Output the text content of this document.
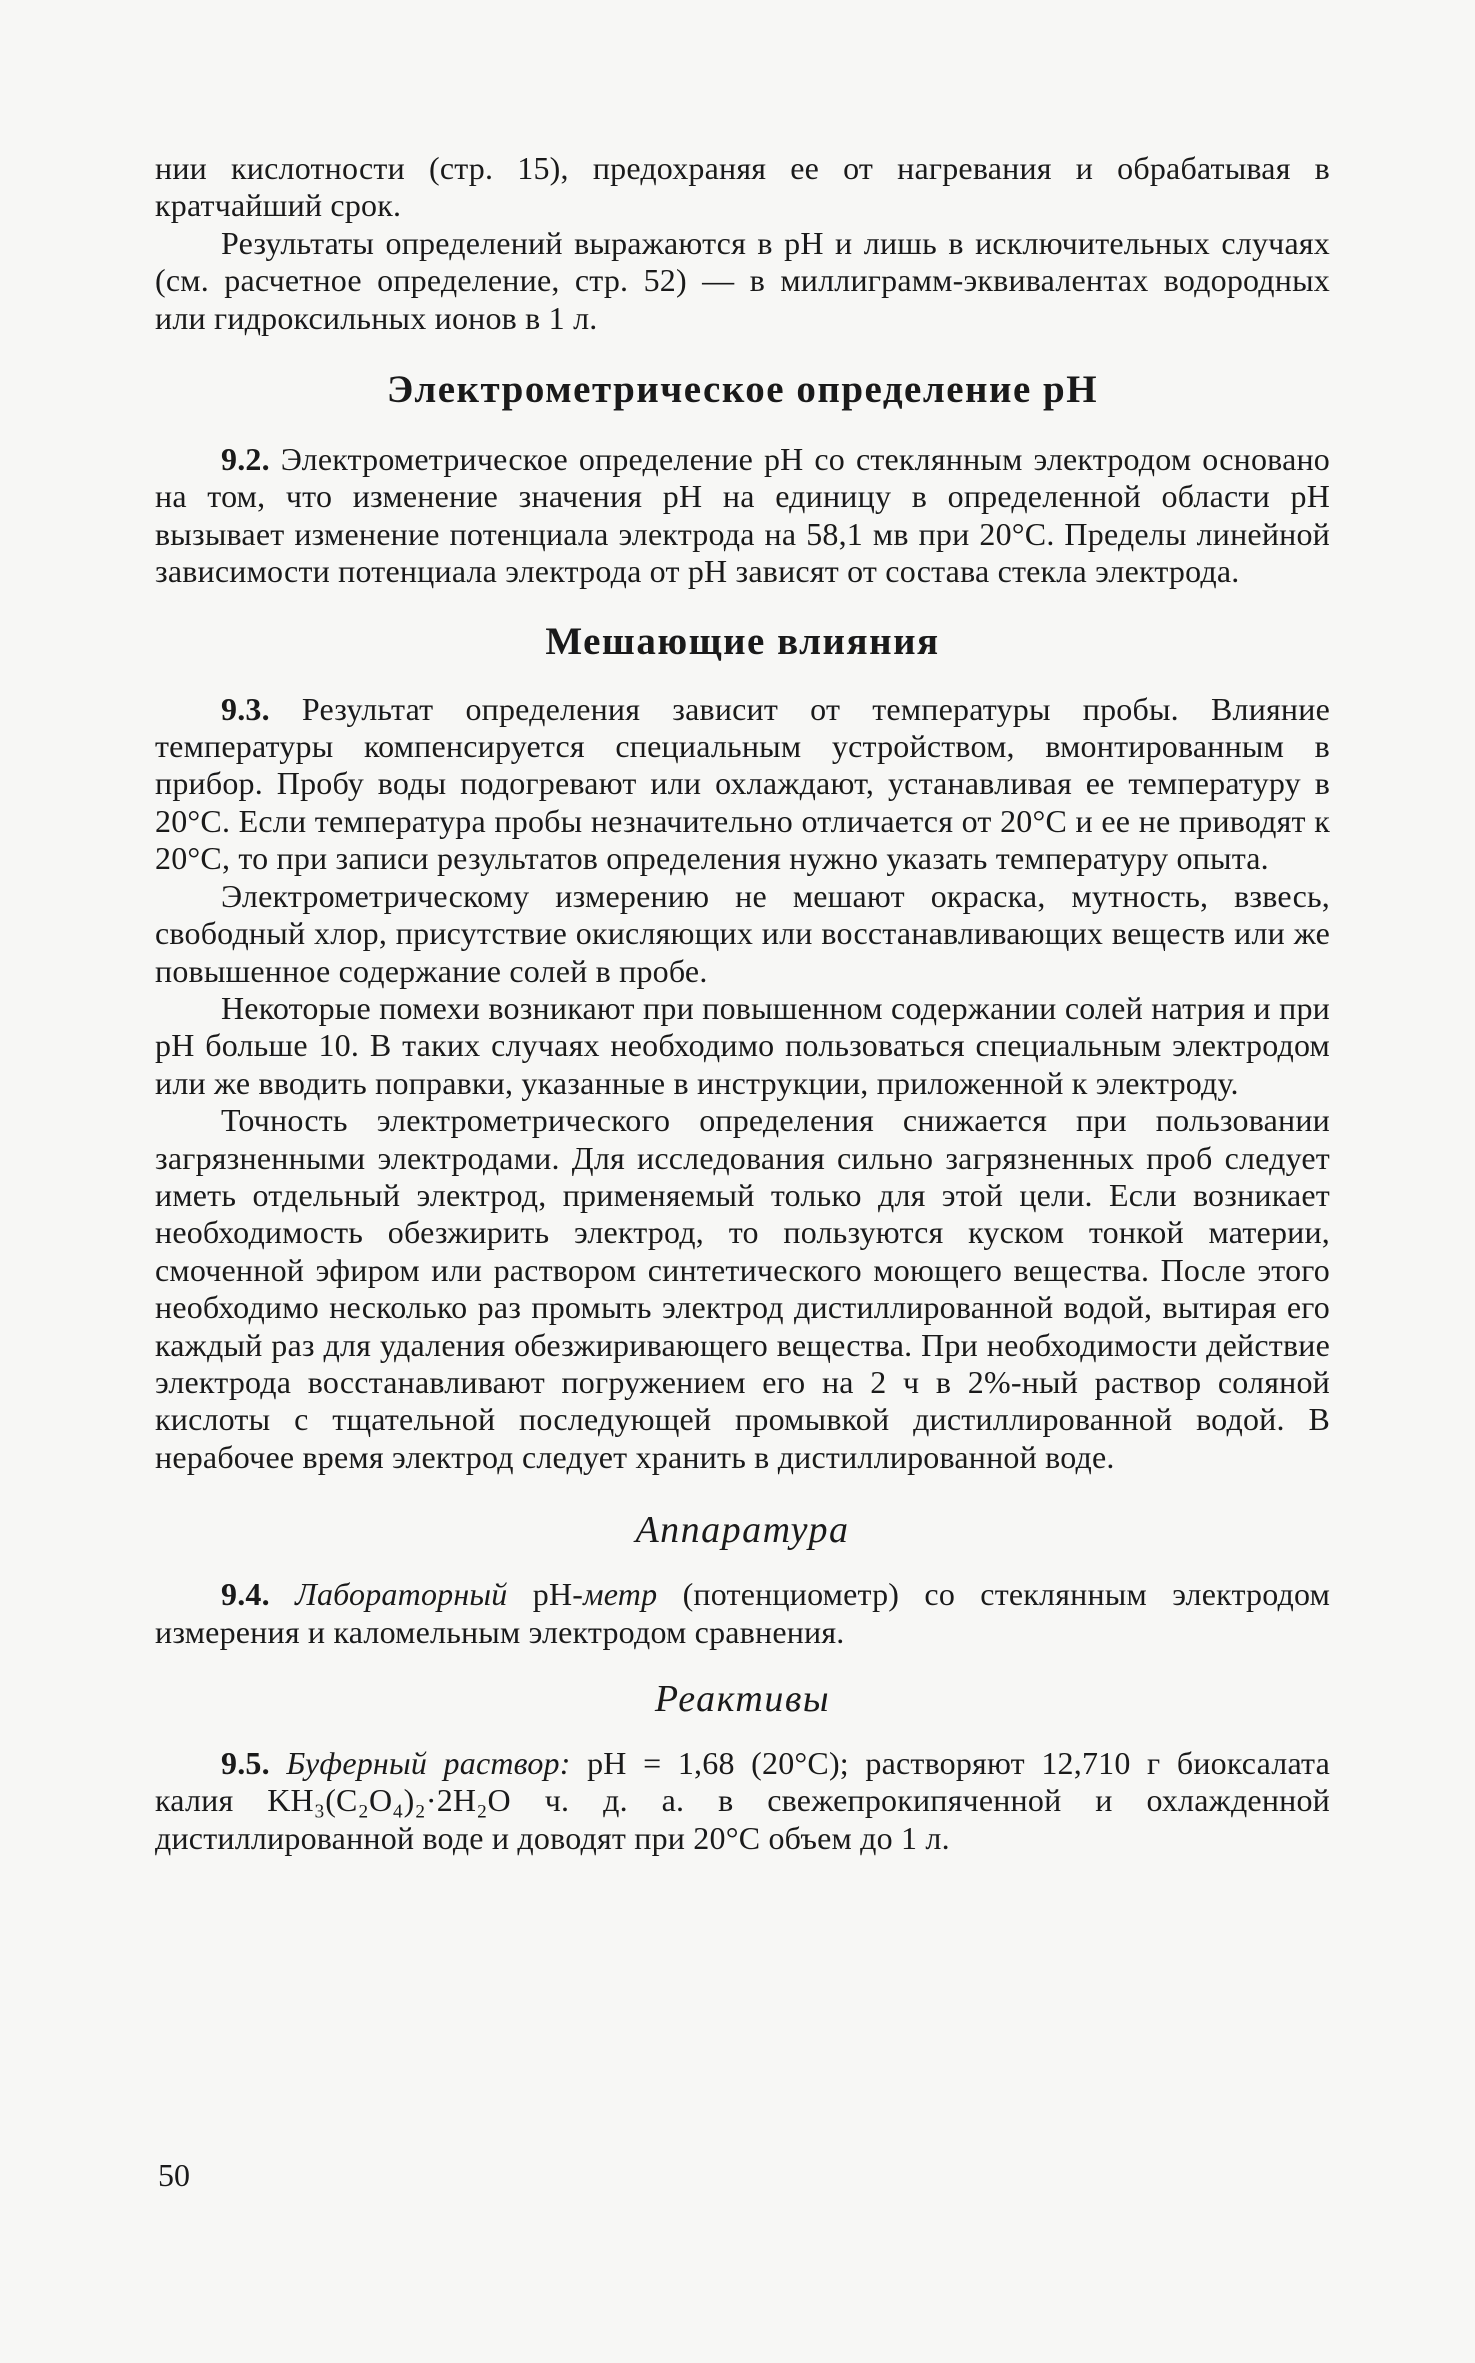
нии кислотности (стр. 15), предохраняя ее от нагревания и обрабатывая в кратчайший срок.

Результаты определений выражаются в pH и лишь в исключительных случаях (см. расчетное определение, стр. 52) — в миллиграмм-эквивалентах водородных или гидроксильных ионов в 1 л.

Электрометрическое определение pH

9.2. Электрометрическое определение pH со стеклянным электродом основано на том, что изменение значения pH на единицу в определенной области pH вызывает изменение потенциала электрода на 58,1 мв при 20°С. Пределы линейной зависимости потенциала электрода от pH зависят от состава стекла электрода.

Мешающие влияния

9.3. Результат определения зависит от температуры пробы. Влияние температуры компенсируется специальным устройством, вмонтированным в прибор. Пробу воды подогревают или охлаждают, устанавливая ее температуру в 20°С. Если температура пробы незначительно отличается от 20°С и ее не приводят к 20°С, то при записи результатов определения нужно указать температуру опыта.

Электрометрическому измерению не мешают окраска, мутность, взвесь, свободный хлор, присутствие окисляющих или восстанавливающих веществ или же повышенное содержание солей в пробе.

Некоторые помехи возникают при повышенном содержании солей натрия и при pH больше 10. В таких случаях необходимо пользоваться специальным электродом или же вводить поправки, указанные в инструкции, приложенной к электроду.

Точность электрометрического определения снижается при пользовании загрязненными электродами. Для исследования сильно загрязненных проб следует иметь отдельный электрод, применяемый только для этой цели. Если возникает необходимость обезжирить электрод, то пользуются куском тонкой материи, смоченной эфиром или раствором синтетического моющего вещества. После этого необходимо несколько раз промыть электрод дистиллированной водой, вытирая его каждый раз для удаления обезжиривающего вещества. При необходимости действие электрода восстанавливают погружением его на 2 ч в 2%-ный раствор соляной кислоты с тщательной последующей промывкой дистиллированной водой. В нерабочее время электрод следует хранить в дистиллированной воде.

Аппаратура

9.4. Лабораторный pH-метр (потенциометр) со стеклянным электродом измерения и каломельным электродом сравнения.

Реактивы

9.5. Буферный раствор: pH = 1,68 (20°С); растворяют 12,710 г биоксалата калия KH₃(C₂O₄)₂·2H₂O ч. д. а. в свежепрокипяченной и охлажденной дистиллированной воде и доводят при 20°С объем до 1 л.

50
